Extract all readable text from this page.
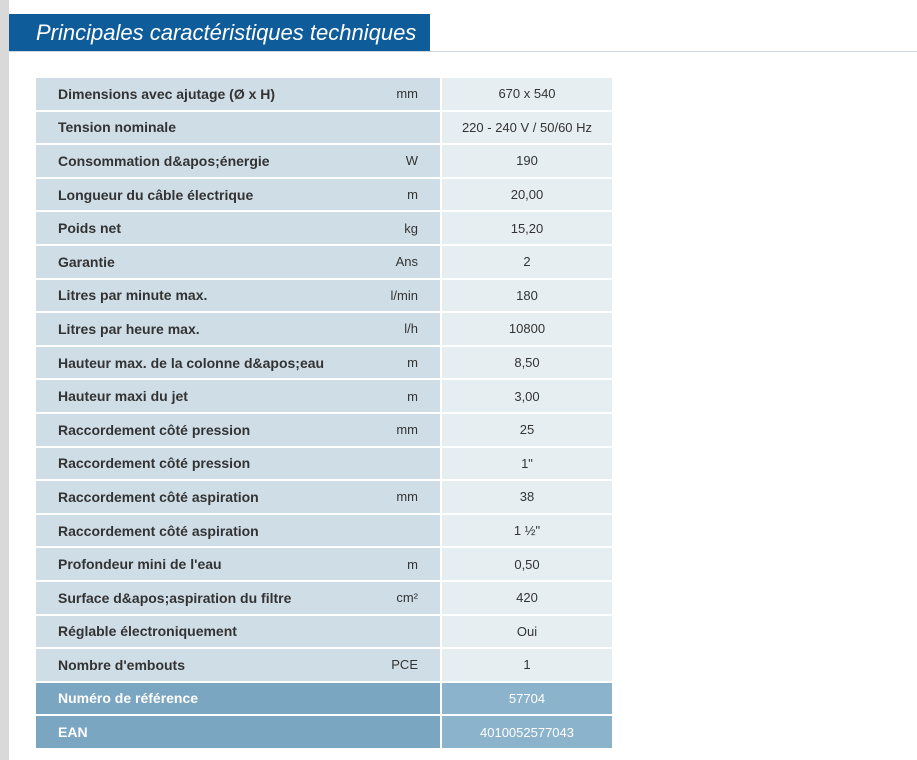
Principales caractéristiques techniques
Dimensions avec ajutage (Ø x H)	mm	670 x 540
Tension nominale		220 - 240 V / 50/60 Hz
Consommation d&apos;énergie	W	190
Longueur du câble électrique	m	20,00
Poids net	kg	15,20
Garantie	Ans	2
Litres par minute max.	l/min	180
Litres par heure max.	l/h	10800
Hauteur max. de la colonne d&apos;eau	m	8,50
Hauteur maxi du jet	m	3,00
Raccordement côté pression	mm	25
Raccordement côté pression		1"
Raccordement côté aspiration	mm	38
Raccordement côté aspiration		1 ½"
Profondeur mini de l'eau	m	0,50
Surface d&apos;aspiration du filtre	cm²	420
Réglable électroniquement		Oui
Nombre d'embouts	PCE	1
Numéro de référence		57704
EAN		4010052577043
